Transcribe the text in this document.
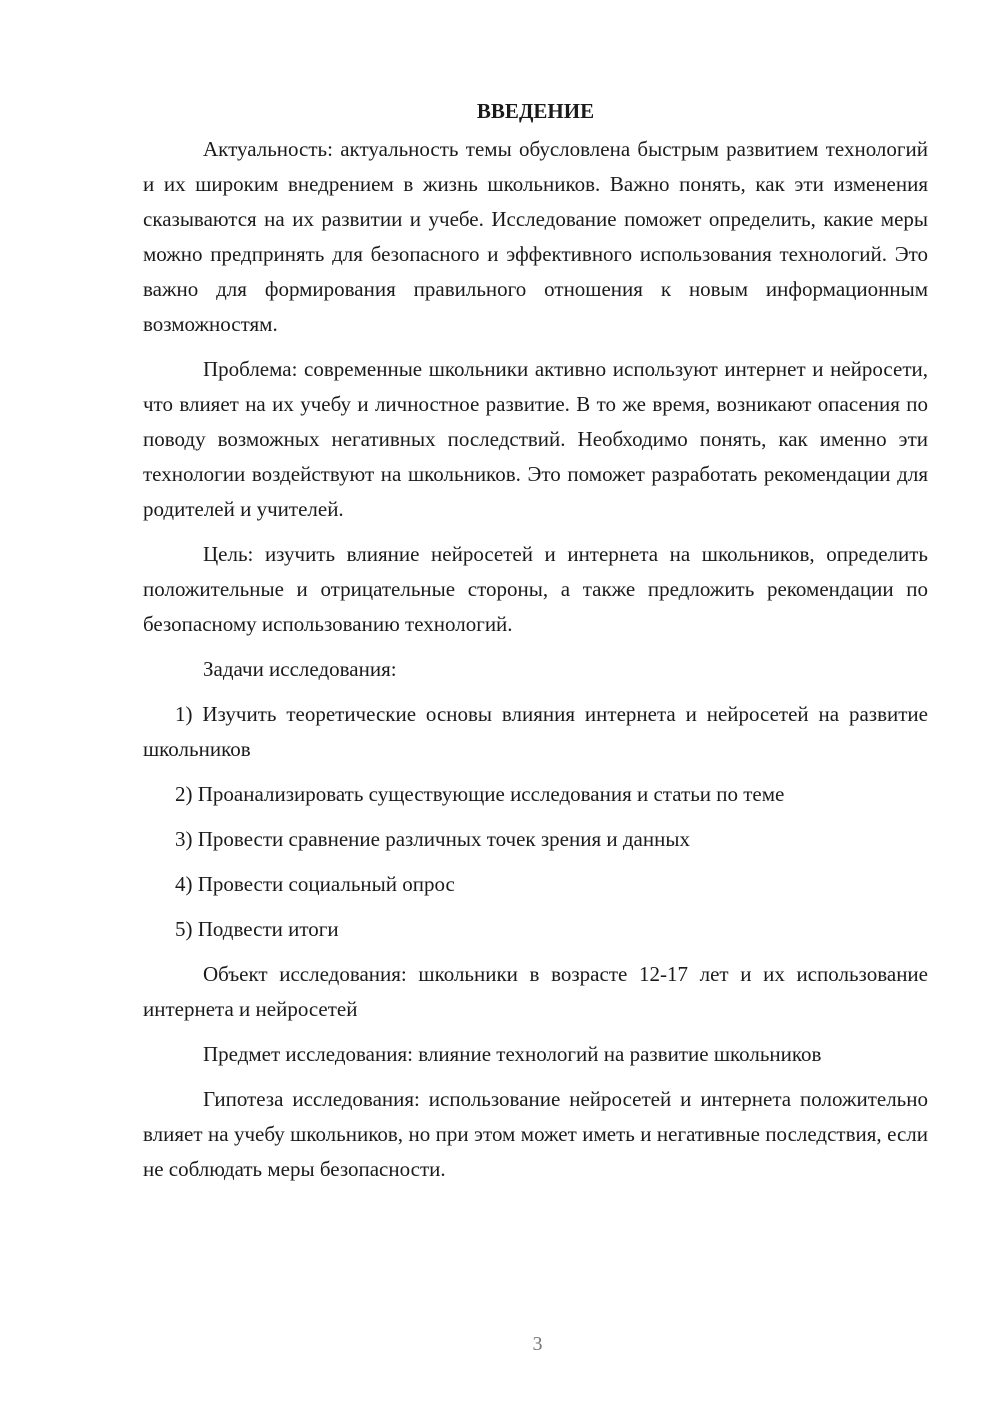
ВВЕДЕНИЕ

Актуальность: актуальность темы обусловлена быстрым развитием технологий и их широким внедрением в жизнь школьников. Важно понять, как эти изменения сказываются на их развитии и учебе. Исследование поможет определить, какие меры можно предпринять для безопасного и эффективного использования технологий. Это важно для формирования правильного отношения к новым информационным возможностям.

Проблема: современные школьники активно используют интернет и нейросети, что влияет на их учебу и личностное развитие. В то же время, возникают опасения по поводу возможных негативных последствий. Необходимо понять, как именно эти технологии воздействуют на школьников. Это поможет разработать рекомендации для родителей и учителей.

Цель: изучить влияние нейросетей и интернета на школьников, определить положительные и отрицательные стороны, а также предложить рекомендации по безопасному использованию технологий.

Задачи исследования:

1) Изучить теоретические основы влияния интернета и нейросетей на развитие школьников

2) Проанализировать существующие исследования и статьи по теме

3) Провести сравнение различных точек зрения и данных

4) Провести социальный опрос

5) Подвести итоги

Объект исследования: школьники в возрасте 12-17 лет и их использование интернета и нейросетей

Предмет исследования: влияние технологий на развитие школьников

Гипотеза исследования: использование нейросетей и интернета положительно влияет на учебу школьников, но при этом может иметь и негативные последствия, если не соблюдать меры безопасности.

3
